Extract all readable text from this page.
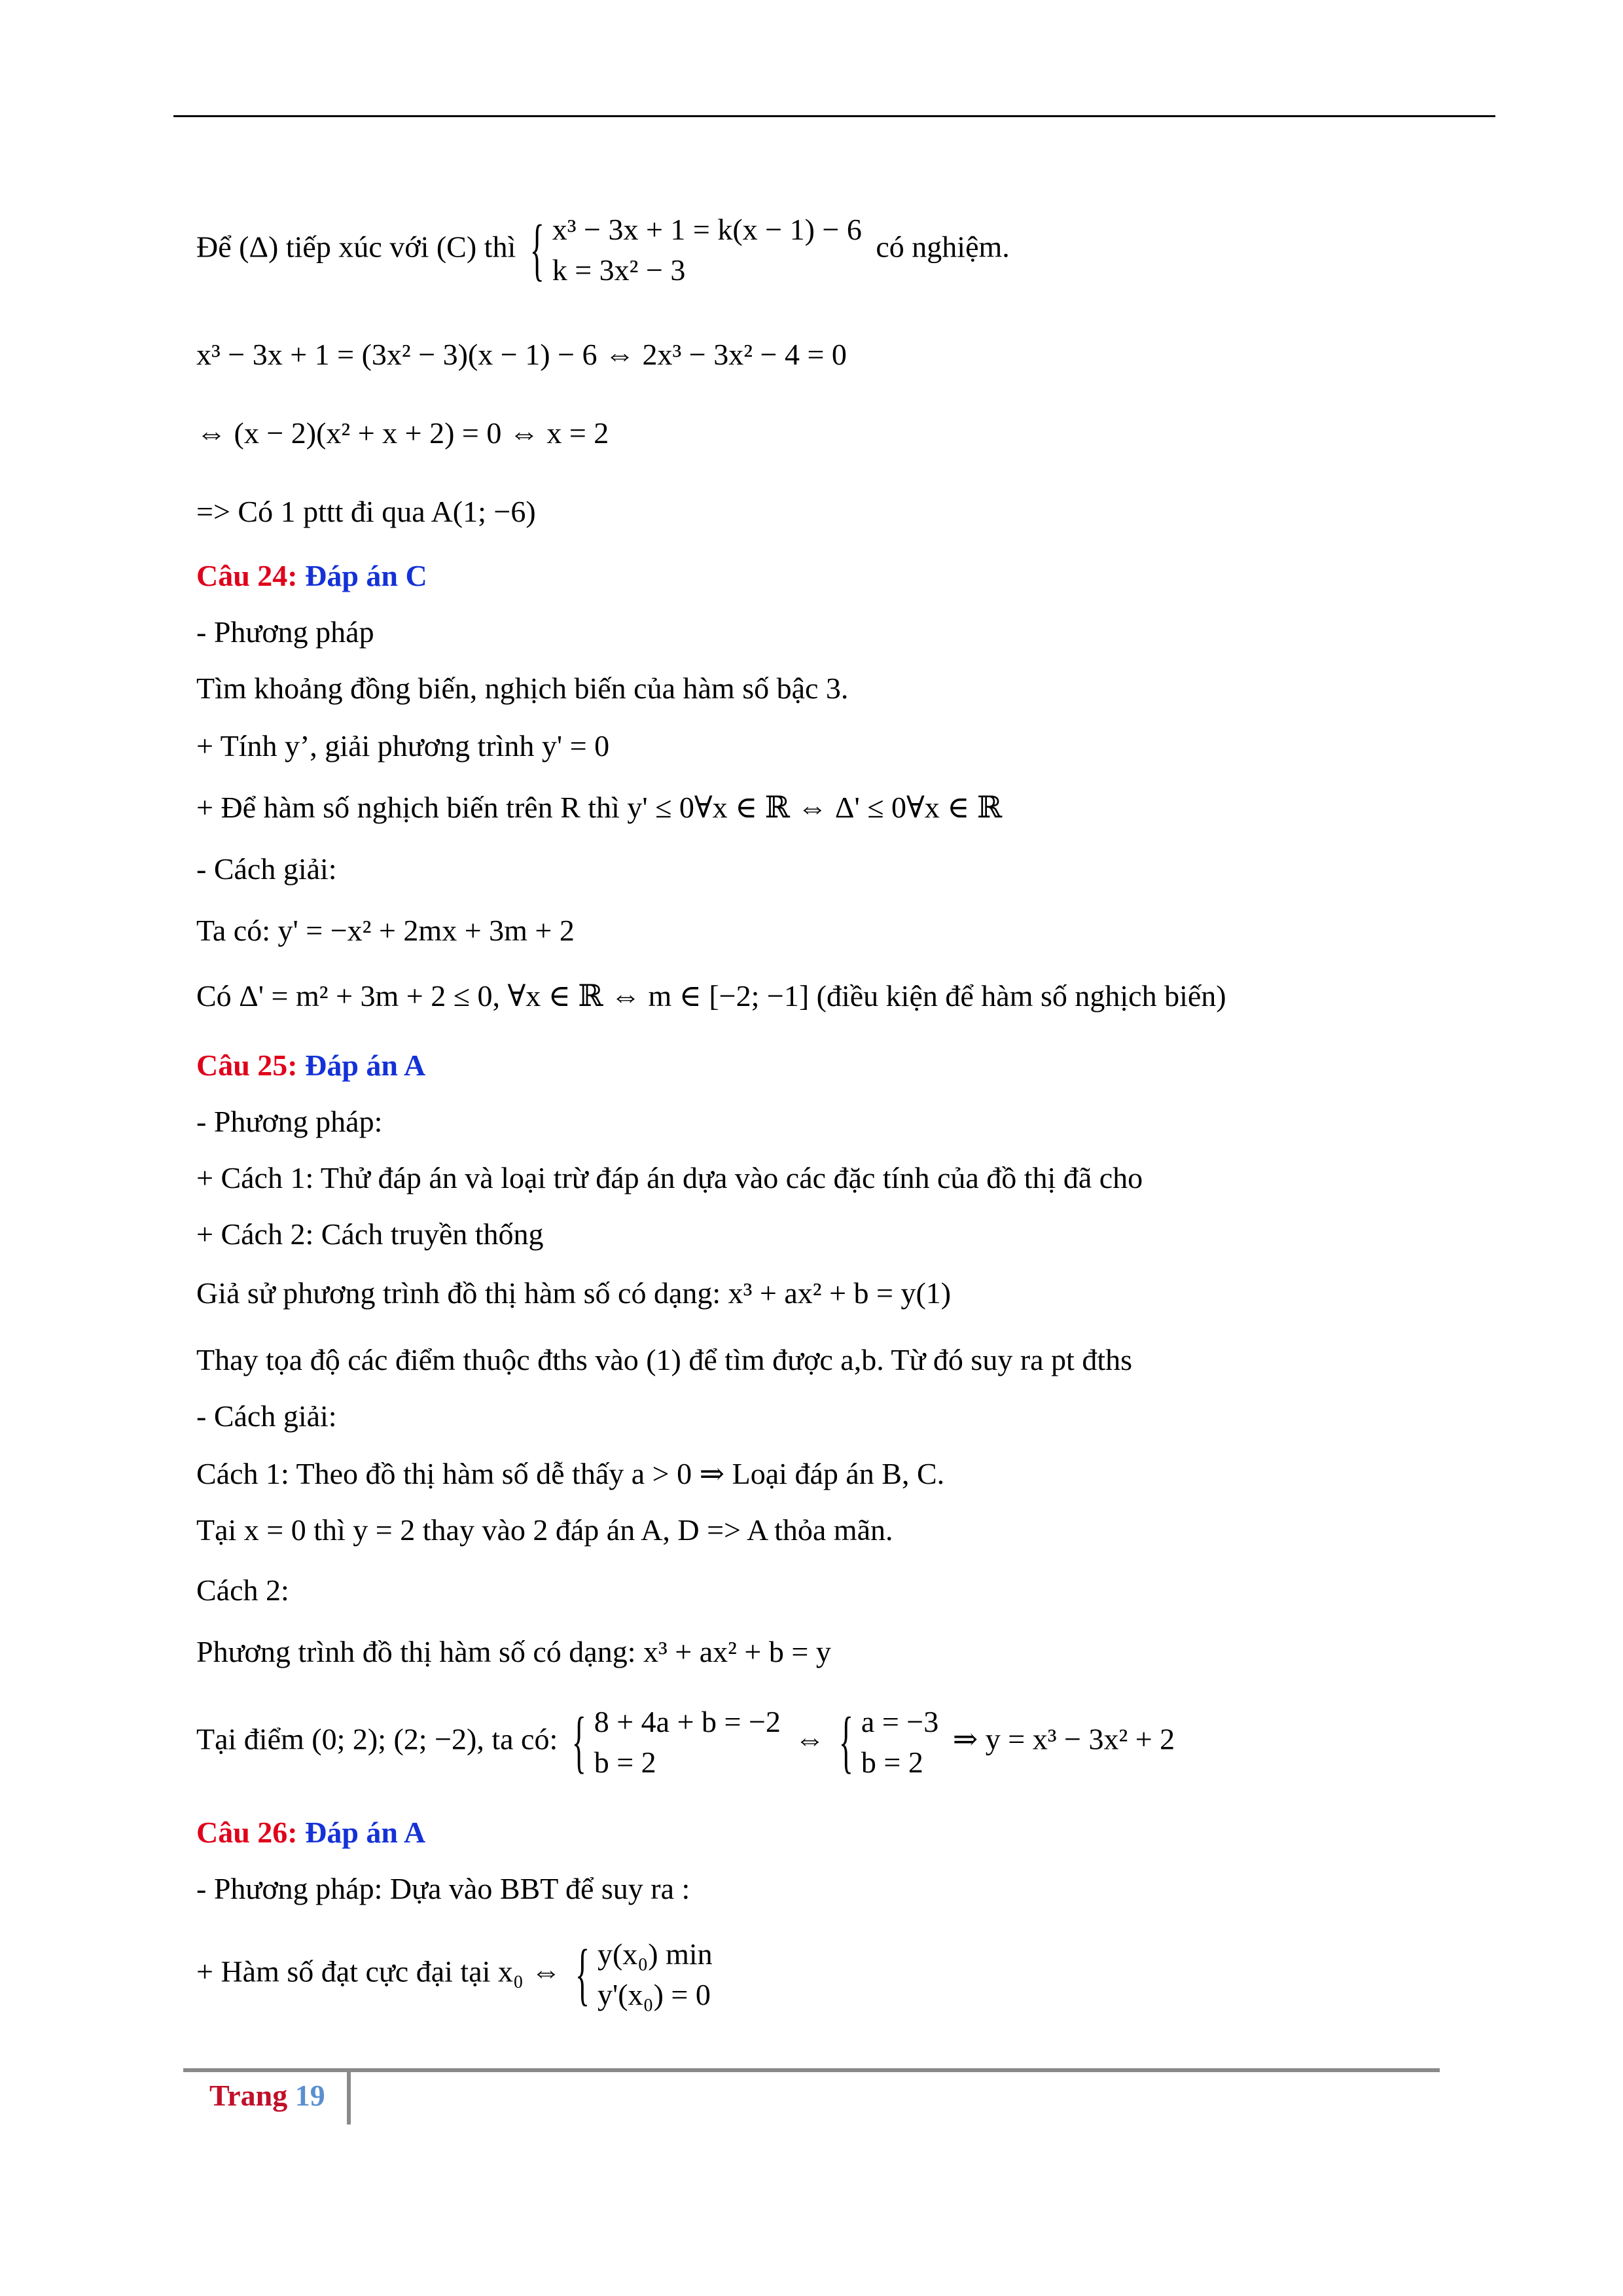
Để (Δ) tiếp xúc với (C) thì
{ x³ − 3x + 1 = k(x − 1) − 6
k = 3x² − 3
có nghiệm.
x³ − 3x + 1 = (3x² − 3)(x − 1) − 6 ⇔ 2x³ − 3x² − 4 = 0
⇔ (x − 2)(x² + x + 2) = 0 ⇔ x = 2
=> Có 1 pttt đi qua A(1; −6)
Câu 24: Đáp án C
- Phương pháp
Tìm khoảng đồng biến, nghịch biến của hàm số bậc 3.
+ Tính y’, giải phương trình y' = 0
+ Để hàm số nghịch biến trên R thì y' ≤ 0∀x ∈ ℝ ⇔ Δ' ≤ 0∀x ∈ ℝ
- Cách giải:
Ta có: y' = −x² + 2mx + 3m + 2
Có Δ' = m² + 3m + 2 ≤ 0, ∀x ∈ ℝ ⇔ m ∈ [−2; −1] (điều kiện để hàm số nghịch biến)
Câu 25: Đáp án A
- Phương pháp:
+ Cách 1: Thử đáp án và loại trừ đáp án dựa vào các đặc tính của đồ thị đã cho
+ Cách 2: Cách truyền thống
Giả sử phương trình đồ thị hàm số có dạng: x³ + ax² + b = y(1)
Thay tọa độ các điểm thuộc đths vào (1) để tìm được a,b. Từ đó suy ra pt đths
- Cách giải:
Cách 1: Theo đồ thị hàm số dễ thấy a > 0 ⇒ Loại đáp án B, C.
Tại x = 0 thì y = 2 thay vào 2 đáp án A, D => A thỏa mãn.
Cách 2:
Phương trình đồ thị hàm số có dạng: x³ + ax² + b = y
Tại điểm (0; 2); (2; −2), ta có:
{ 8 + 4a + b = −2
b = 2
⇔
{ a = −3
b = 2
⇒ y = x³ − 3x² + 2
Câu 26: Đáp án A
- Phương pháp: Dựa vào BBT để suy ra :
+ Hàm số đạt cực đại tại x₀ ⇔
{ y(x₀) min
y'(x₀) = 0
Trang 19
